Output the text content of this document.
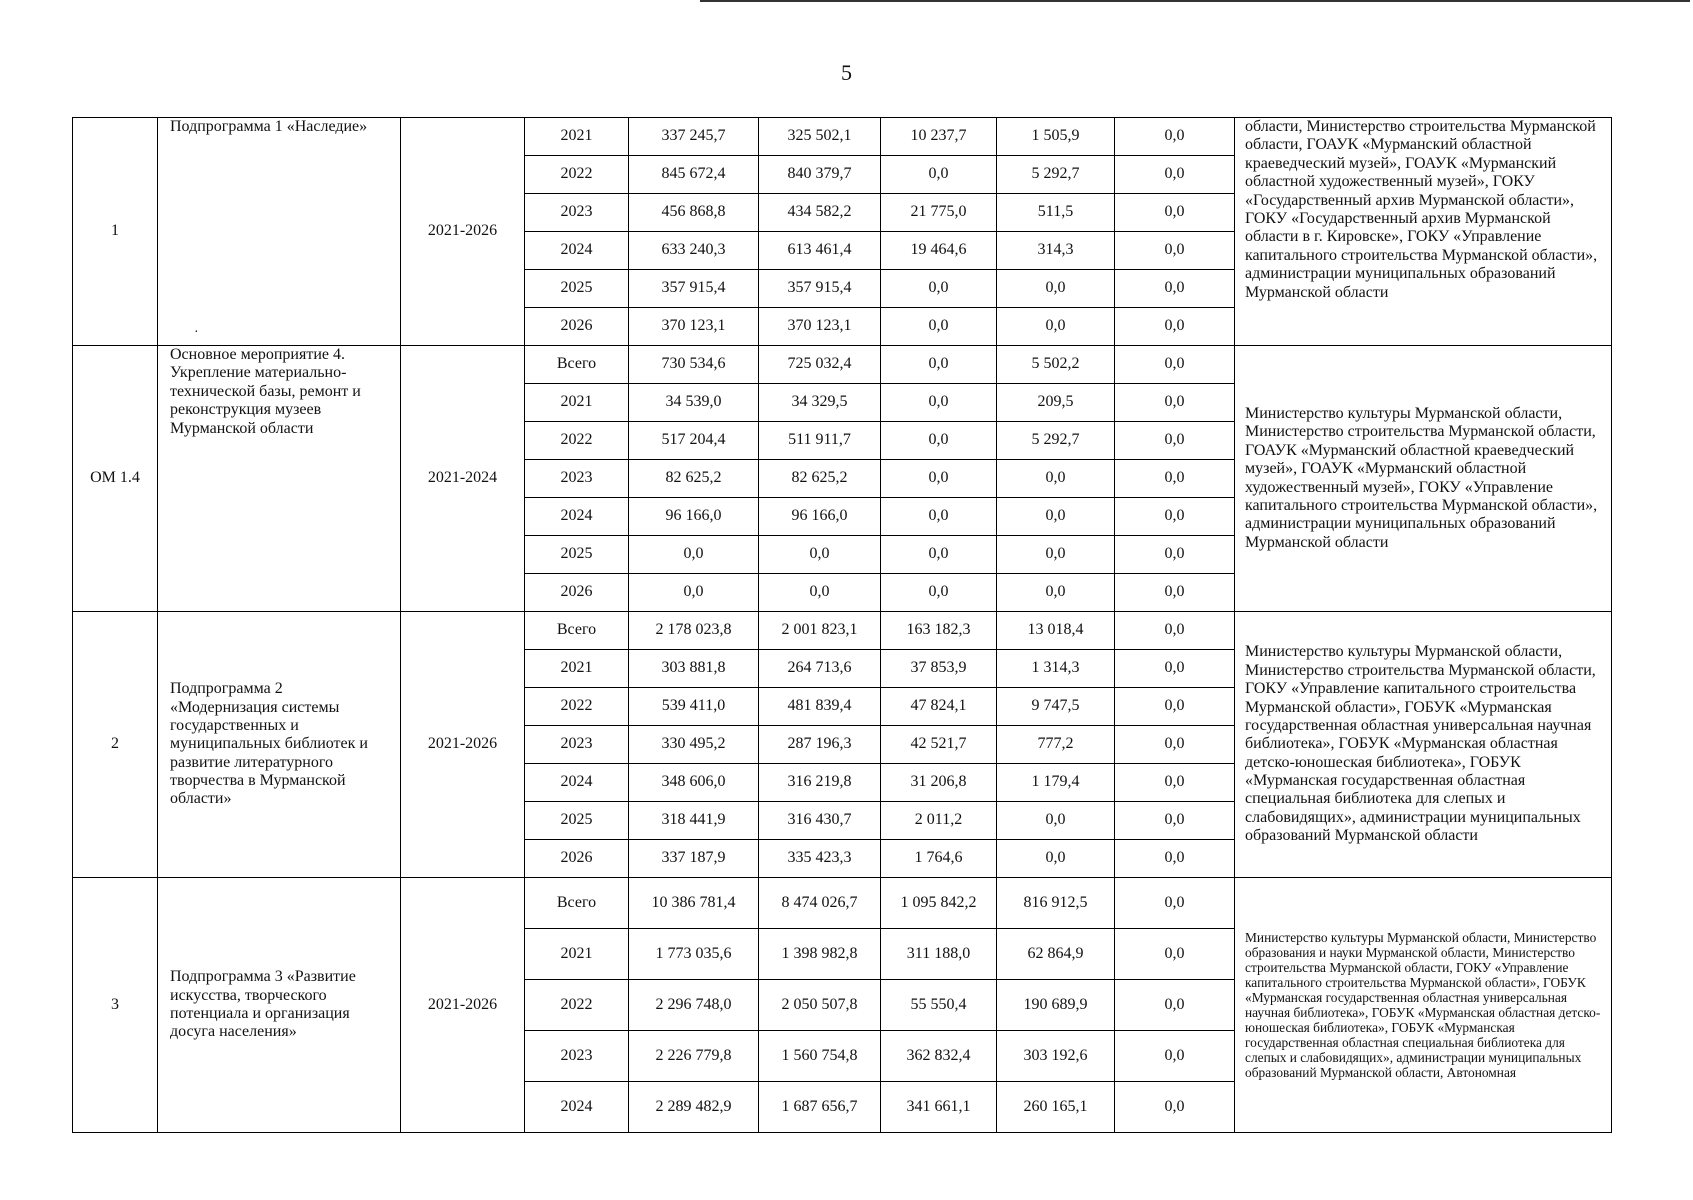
5
·
1	Подпрограмма 1 «Наследие»	2021-2026	2021	337 245,7	325 502,1	10 237,7	1 505,9	0,0	области, Министерство строительства Мурманской области, ГОАУК «Мурманский областной краеведческий музей», ГОАУК «Мурманский областной художественный музей», ГОКУ «Государственный архив Мурманской области», ГОКУ «Государственный архив Мурманской области в г. Кировске», ГОКУ «Управление капитального строительства Мурманской области», администрации муниципальных образований Мурманской области
			2022	845 672,4	840 379,7	0,0	5 292,7	0,0	
			2023	456 868,8	434 582,2	21 775,0	511,5	0,0	
			2024	633 240,3	613 461,4	19 464,6	314,3	0,0	
			2025	357 915,4	357 915,4	0,0	0,0	0,0	
			2026	370 123,1	370 123,1	0,0	0,0	0,0	
ОМ 1.4	Основное мероприятие 4. Укрепление материально-технической базы, ремонт и реконструкция музеев Мурманской области	2021-2024	Всего	730 534,6	725 032,4	0,0	5 502,2	0,0	Министерство культуры Мурманской области, Министерство строительства Мурманской области, ГОАУК «Мурманский областной краеведческий музей», ГОАУК «Мурманский областной художественный музей», ГОКУ «Управление капитального строительства Мурманской области», администрации муниципальных образований Мурманской области
			2021	34 539,0	34 329,5	0,0	209,5	0,0	
			2022	517 204,4	511 911,7	0,0	5 292,7	0,0	
			2023	82 625,2	82 625,2	0,0	0,0	0,0	
			2024	96 166,0	96 166,0	0,0	0,0	0,0	
			2025	0,0	0,0	0,0	0,0	0,0	
			2026	0,0	0,0	0,0	0,0	0,0	
2	Подпрограмма 2 «Модернизация системы государственных и муниципальных библиотек и развитие литературного творчества в Мурманской области»	2021-2026	Всего	2 178 023,8	2 001 823,1	163 182,3	13 018,4	0,0	Министерство культуры Мурманской области, Министерство строительства Мурманской области, ГОКУ «Управление капитального строительства Мурманской области», ГОБУК «Мурманская государственная областная универсальная научная библиотека», ГОБУК «Мурманская областная детско-юношеская библиотека», ГОБУК «Мурманская государственная областная специальная библиотека для слепых и слабовидящих», администрации муниципальных образований Мурманской области
			2021	303 881,8	264 713,6	37 853,9	1 314,3	0,0	
			2022	539 411,0	481 839,4	47 824,1	9 747,5	0,0	
			2023	330 495,2	287 196,3	42 521,7	777,2	0,0	
			2024	348 606,0	316 219,8	31 206,8	1 179,4	0,0	
			2025	318 441,9	316 430,7	2 011,2	0,0	0,0	
			2026	337 187,9	335 423,3	1 764,6	0,0	0,0	
3	Подпрограмма 3 «Развитие искусства, творческого потенциала и организация досуга населения»	2021-2026	Всего	10 386 781,4	8 474 026,7	1 095 842,2	816 912,5	0,0	Министерство культуры Мурманской области, Министерство образования и науки Мурманской области, Министерство строительства Мурманской области, ГОКУ «Управление капитального строительства Мурманской области», ГОБУК «Мурманская государственная областная универсальная научная библиотека», ГОБУК «Мурманская областная детско-юношеская библиотека», ГОБУК «Мурманская государственная областная специальная библиотека для слепых и слабовидящих», администрации муниципальных образований Мурманской области, Автономная
			2021	1 773 035,6	1 398 982,8	311 188,0	62 864,9	0,0	
			2022	2 296 748,0	2 050 507,8	55 550,4	190 689,9	0,0	
			2023	2 226 779,8	1 560 754,8	362 832,4	303 192,6	0,0	
			2024	2 289 482,9	1 687 656,7	341 661,1	260 165,1	0,0	
